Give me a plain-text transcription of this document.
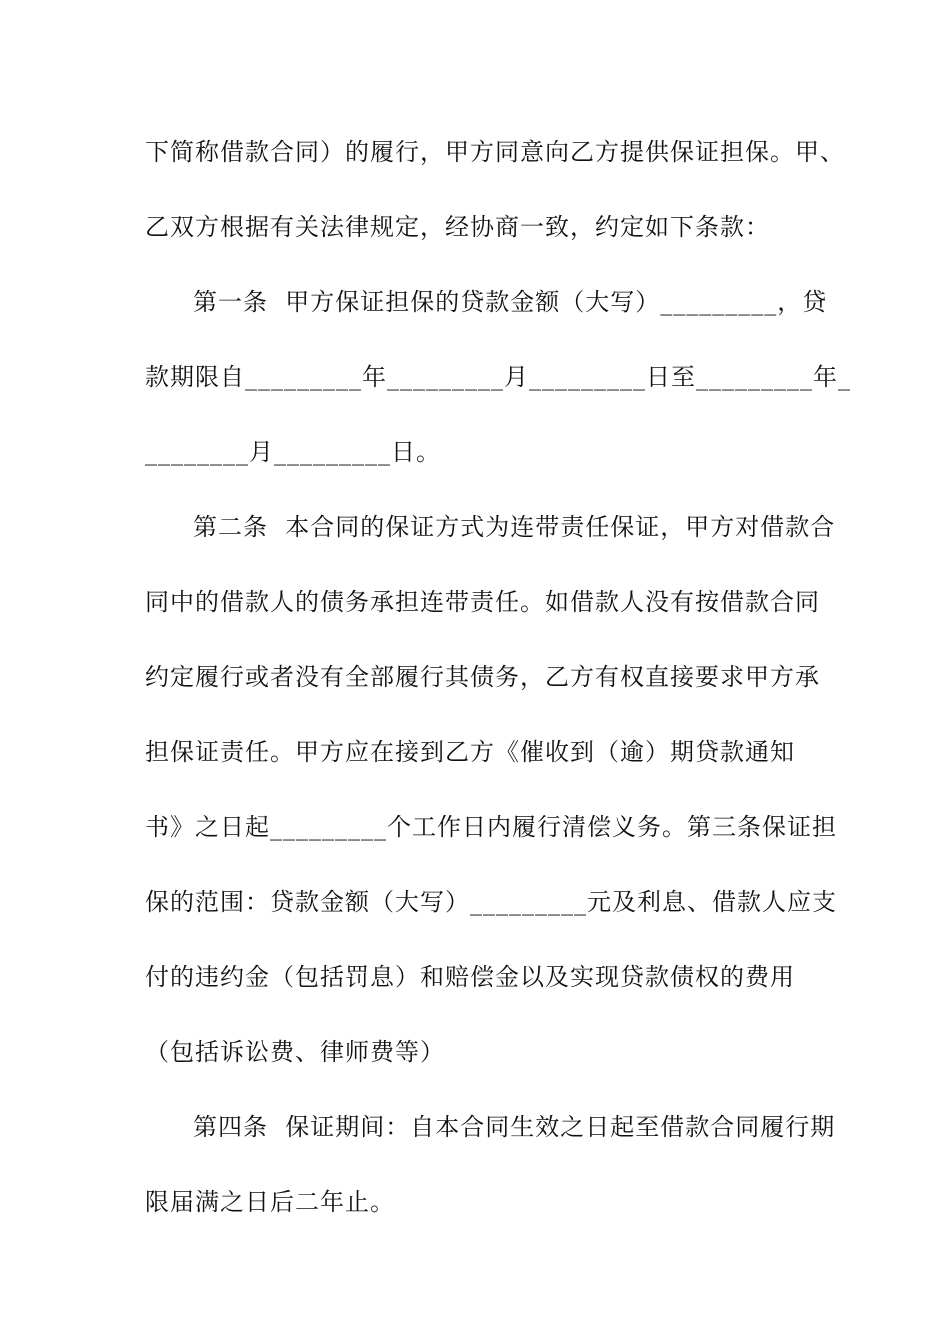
下简称借款合同）的履行，甲方同意向乙方提供保证担保。甲、
乙双方根据有关法律规定，经协商一致，约定如下条款：
第一条  甲方保证担保的贷款金额（大写）_________，贷
款期限自_________年_________月_________日至_________年_
________月_________日。
第二条  本合同的保证方式为连带责任保证，甲方对借款合
同中的借款人的债务承担连带责任。如借款人没有按借款合同
约定履行或者没有全部履行其债务，乙方有权直接要求甲方承
担保证责任。甲方应在接到乙方《催收到（逾）期贷款通知
书》之日起_________个工作日内履行清偿义务。第三条保证担
保的范围：贷款金额（大写）_________元及利息、借款人应支
付的违约金（包括罚息）和赔偿金以及实现贷款债权的费用
（包括诉讼费、律师费等）
第四条  保证期间：自本合同生效之日起至借款合同履行期
限届满之日后二年止。
